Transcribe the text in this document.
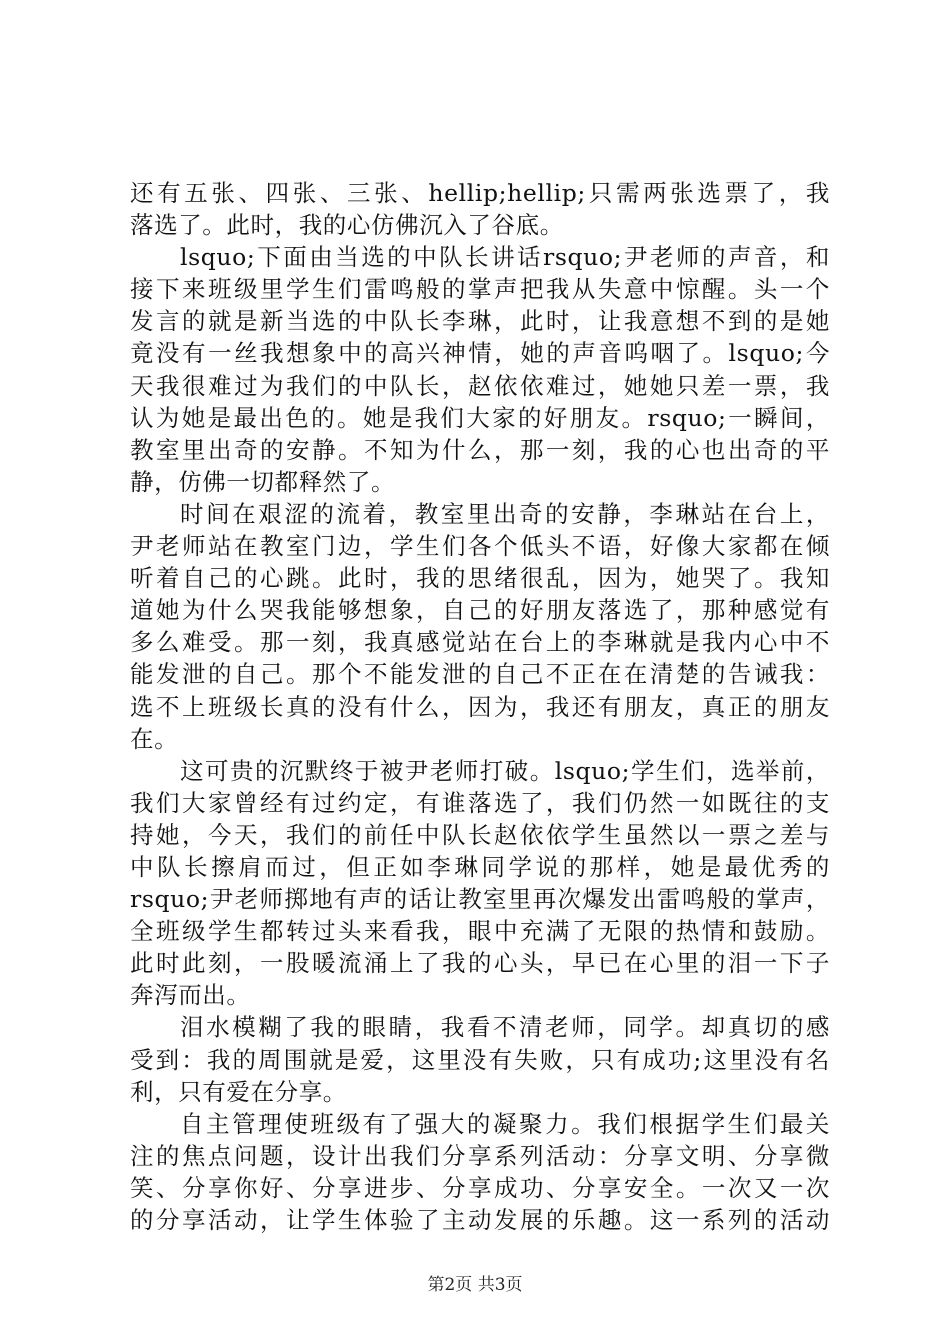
还有五张、四张、三张、hellip;hellip;只需两张选票了，我
落选了。此时，我的心仿佛沉入了谷底。
lsquo;下面由当选的中队长讲话rsquo;尹老师的声音，和
接下来班级里学生们雷鸣般的掌声把我从失意中惊醒。头一个
发言的就是新当选的中队长李琳，此时，让我意想不到的是她
竟没有一丝我想象中的高兴神情，她的声音呜咽了。lsquo;今
天我很难过为我们的中队长，赵依依难过，她她只差一票，我
认为她是最出色的。她是我们大家的好朋友。rsquo;一瞬间，
教室里出奇的安静。不知为什么，那一刻，我的心也出奇的平
静，仿佛一切都释然了。
时间在艰涩的流着，教室里出奇的安静，李琳站在台上，
尹老师站在教室门边，学生们各个低头不语，好像大家都在倾
听着自己的心跳。此时，我的思绪很乱，因为，她哭了。我知
道她为什么哭我能够想象，自己的好朋友落选了，那种感觉有
多么难受。那一刻，我真感觉站在台上的李琳就是我内心中不
能发泄的自己。那个不能发泄的自己不正在在清楚的告诫我：
选不上班级长真的没有什么，因为，我还有朋友，真正的朋友
在。
这可贵的沉默终于被尹老师打破。lsquo;学生们，选举前，
我们大家曾经有过约定，有谁落选了，我们仍然一如既往的支
持她，今天，我们的前任中队长赵依依学生虽然以一票之差与
中队长擦肩而过，但正如李琳同学说的那样，她是最优秀的
rsquo;尹老师掷地有声的话让教室里再次爆发出雷鸣般的掌声，
全班级学生都转过头来看我，眼中充满了无限的热情和鼓励。
此时此刻，一股暖流涌上了我的心头，早已在心里的泪一下子
奔泻而出。
泪水模糊了我的眼睛，我看不清老师，同学。却真切的感
受到：我的周围就是爱，这里没有失败，只有成功;这里没有名
利，只有爱在分享。
自主管理使班级有了强大的凝聚力。我们根据学生们最关
注的焦点问题，设计出我们分享系列活动：分享文明、分享微
笑、分享你好、分享进步、分享成功、分享安全。一次又一次
的分享活动，让学生体验了主动发展的乐趣。这一系列的活动
第2页 共3页
